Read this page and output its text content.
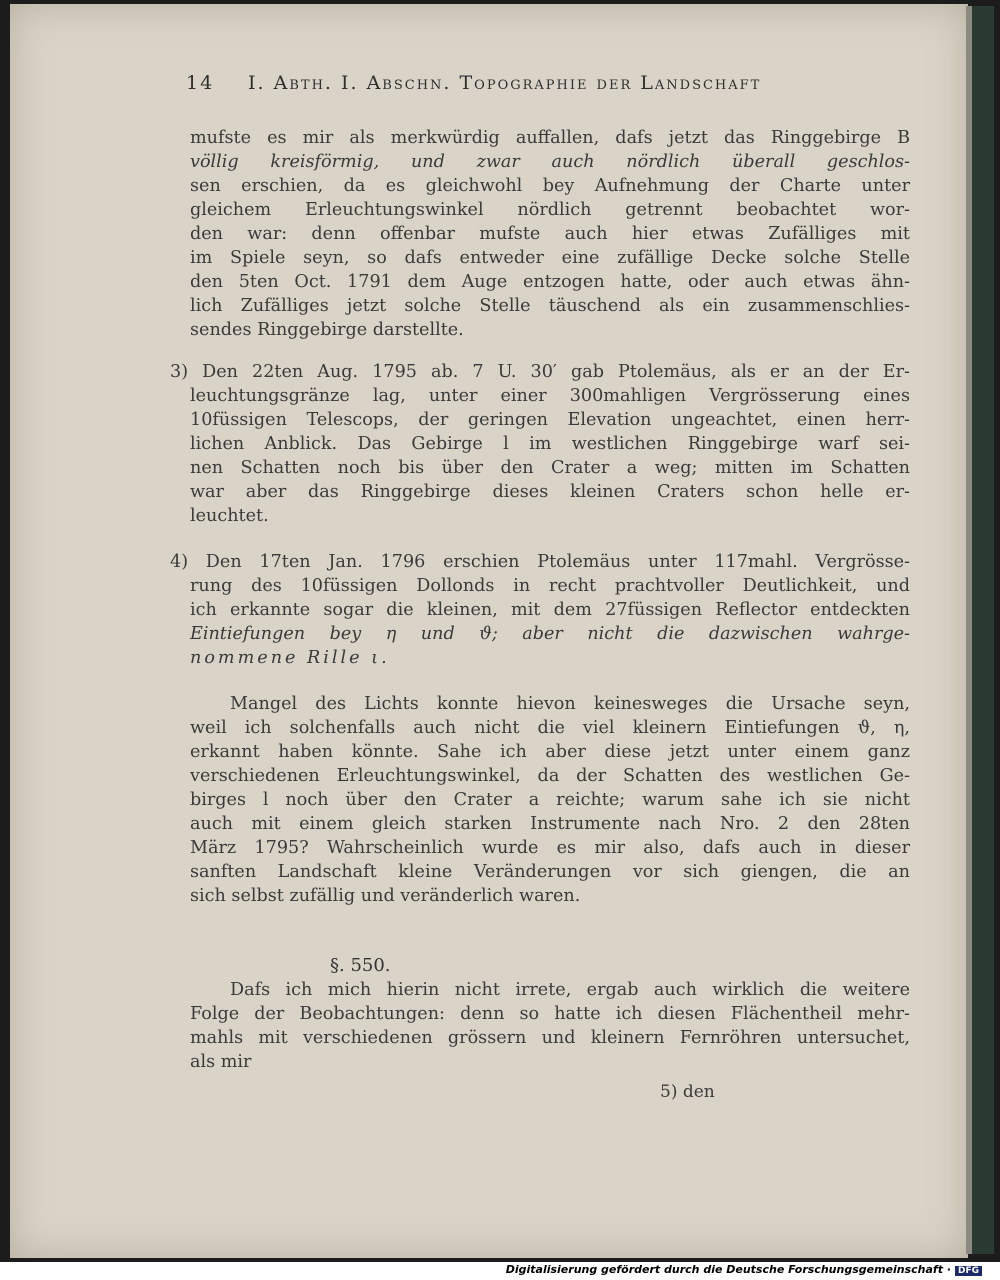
14 I. Abth. I. Abschn. Topographie der Landschaft
mufste es mir als merkwürdig auffallen, dafs jetzt das Ringgebirge B
völlig kreisförmig, und zwar auch nördlich überall geschlos-
sen erschien, da es gleichwohl bey Aufnehmung der Charte unter
gleichem Erleuchtungswinkel nördlich getrennt beobachtet wor-
den war: denn offenbar mufste auch hier etwas Zufälliges mit
im Spiele seyn, so dafs entweder eine zufällige Decke solche Stelle
den 5ten Oct. 1791 dem Auge entzogen hatte, oder auch etwas ähn-
lich Zufälliges jetzt solche Stelle täuschend als ein zusammenschlies-
sendes Ringgebirge darstellte.
3) Den 22ten Aug. 1795 ab. 7 U. 30′ gab Ptolemäus, als er an der Er-
leuchtungsgränze lag, unter einer 300mahligen Vergrösserung eines
10füssigen Telescops, der geringen Elevation ungeachtet, einen herr-
lichen Anblick. Das Gebirge l im westlichen Ringgebirge warf sei-
nen Schatten noch bis über den Crater a weg; mitten im Schatten
war aber das Ringgebirge dieses kleinen Craters schon helle er-
leuchtet.
4) Den 17ten Jan. 1796 erschien Ptolemäus unter 117mahl. Vergrösse-
rung des 10füssigen Dollonds in recht prachtvoller Deutlichkeit, und
ich erkannte sogar die kleinen, mit dem 27füssigen Reflector entdeckten
Eintiefungen bey η und ϑ; aber nicht die dazwischen wahrge-
nommene Rille ι.
Mangel des Lichts konnte hievon keinesweges die Ursache seyn,
weil ich solchenfalls auch nicht die viel kleinern Eintiefungen ϑ, η,
erkannt haben könnte. Sahe ich aber diese jetzt unter einem ganz
verschiedenen Erleuchtungswinkel, da der Schatten des westlichen Ge-
birges l noch über den Crater a reichte; warum sahe ich sie nicht
auch mit einem gleich starken Instrumente nach Nro. 2 den 28ten
März 1795? Wahrscheinlich wurde es mir also, dafs auch in dieser
sanften Landschaft kleine Veränderungen vor sich giengen, die an
sich selbst zufällig und veränderlich waren.
Dafs ich mich hierin nicht irrete, ergab auch wirklich die weitere
Folge der Beobachtungen: denn so hatte ich diesen Flächentheil mehr-
mahls mit verschiedenen grössern und kleinern Fernröhren untersuchet,
als mir
§. 550.
5) den
Digitalisierung gefördert durch die Deutsche Forschungsgemeinschaft · DFG
